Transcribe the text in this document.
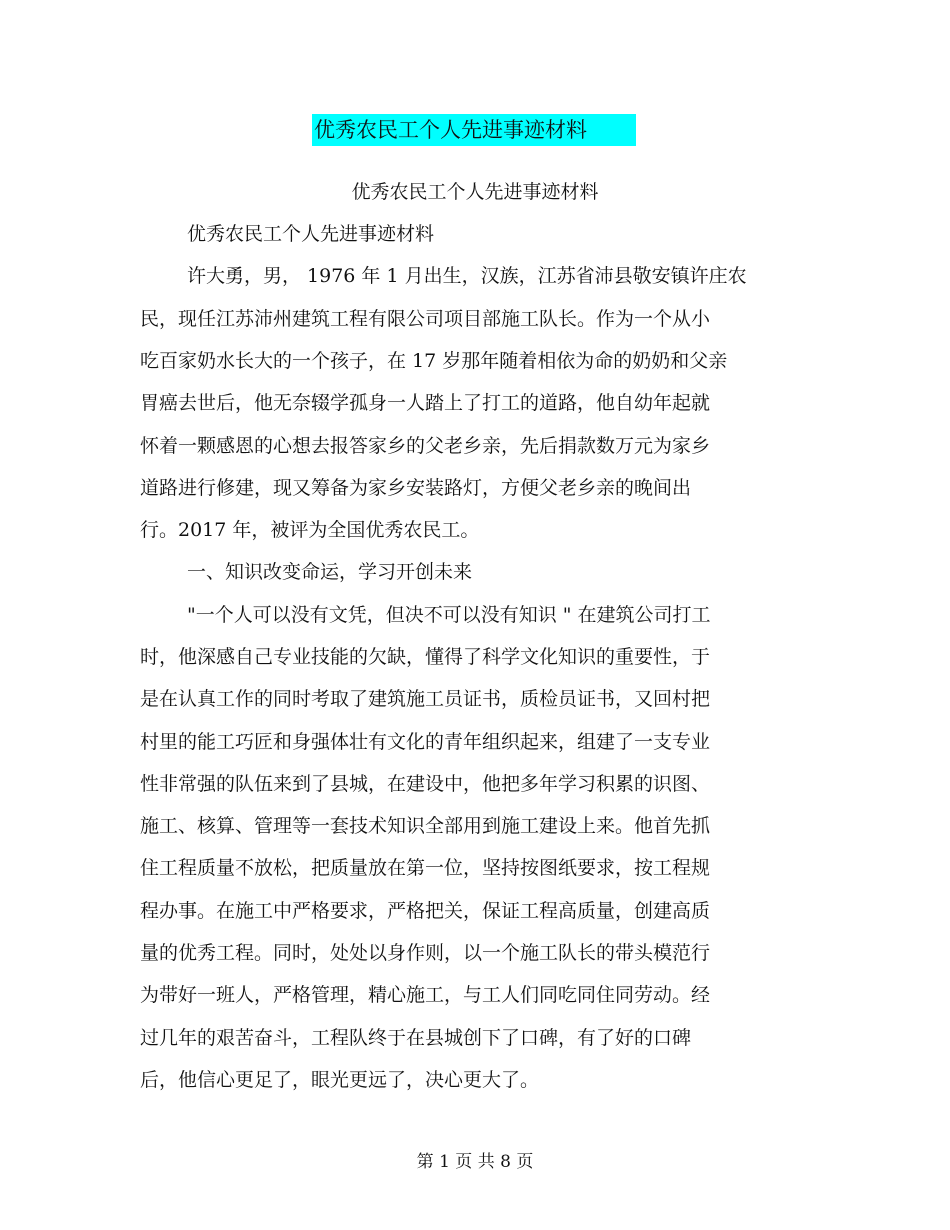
优秀农民工个人先进事迹材料
优秀农民工个人先进事迹材料
优秀农民工个人先进事迹材料
许大勇，男， 1976 年 1 月出生，汉族，江苏省沛县敬安镇许庄农
民，现任江苏沛州建筑工程有限公司项目部施工队长。作为一个从小
吃百家奶水长大的一个孩子，在 17 岁那年随着相依为命的奶奶和父亲
胃癌去世后，他无奈辍学孤身一人踏上了打工的道路，他自幼年起就
怀着一颗感恩的心想去报答家乡的父老乡亲，先后捐款数万元为家乡
道路进行修建，现又筹备为家乡安装路灯，方便父老乡亲的晚间出
行。2017 年，被评为全国优秀农民工。
一、知识改变命运，学习开创未来
"一个人可以没有文凭，但决不可以没有知识 " 在建筑公司打工
时，他深感自己专业技能的欠缺，懂得了科学文化知识的重要性，于
是在认真工作的同时考取了建筑施工员证书，质检员证书，又回村把
村里的能工巧匠和身强体壮有文化的青年组织起来，组建了一支专业
性非常强的队伍来到了县城，在建设中，他把多年学习积累的识图、
施工、核算、管理等一套技术知识全部用到施工建设上来。他首先抓
住工程质量不放松，把质量放在第一位，坚持按图纸要求，按工程规
程办事。在施工中严格要求，严格把关，保证工程高质量，创建高质
量的优秀工程。同时，处处以身作则，以一个施工队长的带头模范行
为带好一班人，严格管理，精心施工，与工人们同吃同住同劳动。经
过几年的艰苦奋斗，工程队终于在县城创下了口碑，有了好的口碑
后，他信心更足了，眼光更远了，决心更大了。
第 1 页 共 8 页
